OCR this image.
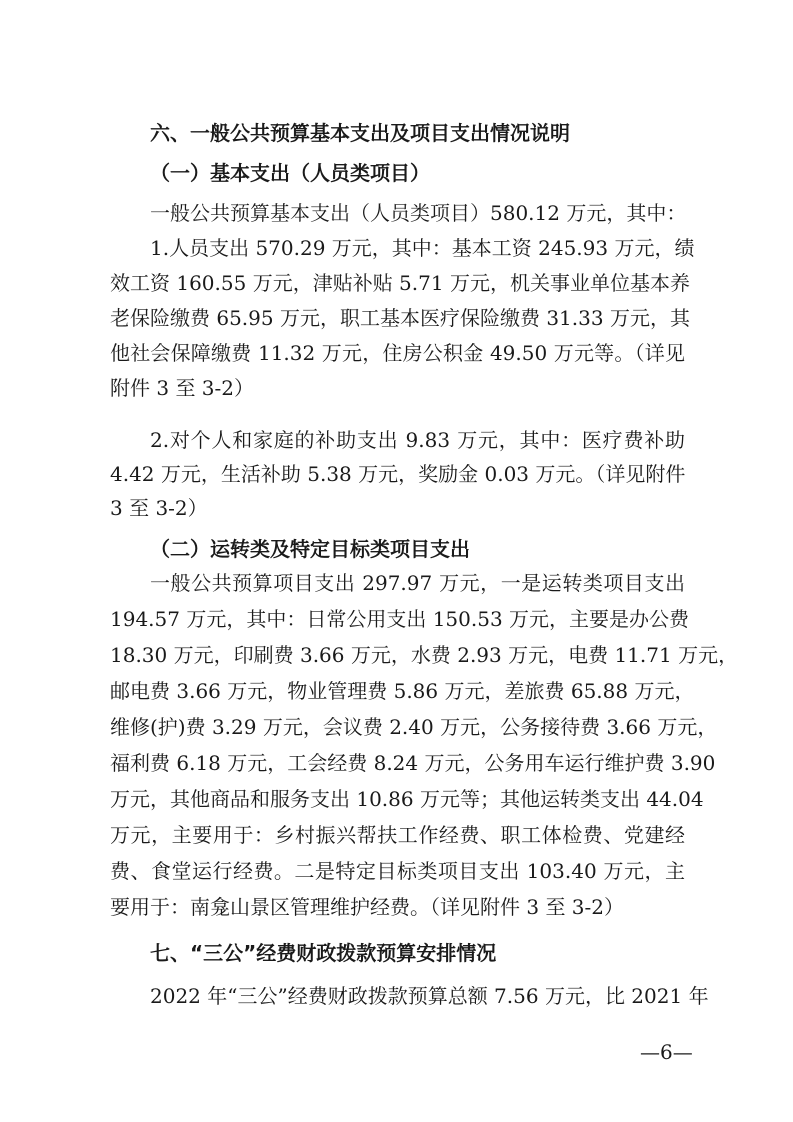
六、一般公共预算基本支出及项目支出情况说明
（一）基本支出（人员类项目）
一般公共预算基本支出（人员类项目）580.12 万元，其中：
1.人员支出 570.29 万元，其中：基本工资 245.93 万元，绩
效工资 160.55 万元，津贴补贴 5.71 万元，机关事业单位基本养
老保险缴费 65.95 万元，职工基本医疗保险缴费 31.33 万元，其
他社会保障缴费 11.32 万元，住房公积金 49.50 万元等。（详见
附件 3 至 3-2）
2.对个人和家庭的补助支出 9.83 万元，其中：医疗费补助
4.42 万元，生活补助 5.38 万元，奖励金 0.03 万元。（详见附件
3 至 3-2）
（二）运转类及特定目标类项目支出
一般公共预算项目支出 297.97 万元，一是运转类项目支出
194.57 万元，其中：日常公用支出 150.53 万元，主要是办公费
18.30 万元，印刷费 3.66 万元，水费 2.93 万元，电费 11.71 万元，
邮电费 3.66 万元，物业管理费 5.86 万元，差旅费 65.88 万元，
维修(护)费 3.29 万元，会议费 2.40 万元，公务接待费 3.66 万元，
福利费 6.18 万元，工会经费 8.24 万元，公务用车运行维护费 3.90
万元，其他商品和服务支出 10.86 万元等；其他运转类支出 44.04
万元，主要用于：乡村振兴帮扶工作经费、职工体检费、党建经
费、食堂运行经费。二是特定目标类项目支出 103.40 万元，主
要用于：南龛山景区管理维护经费。（详见附件 3 至 3-2）
七、“三公”经费财政拨款预算安排情况
2022 年“三公”经费财政拨款预算总额 7.56 万元，比 2021 年
—6—
